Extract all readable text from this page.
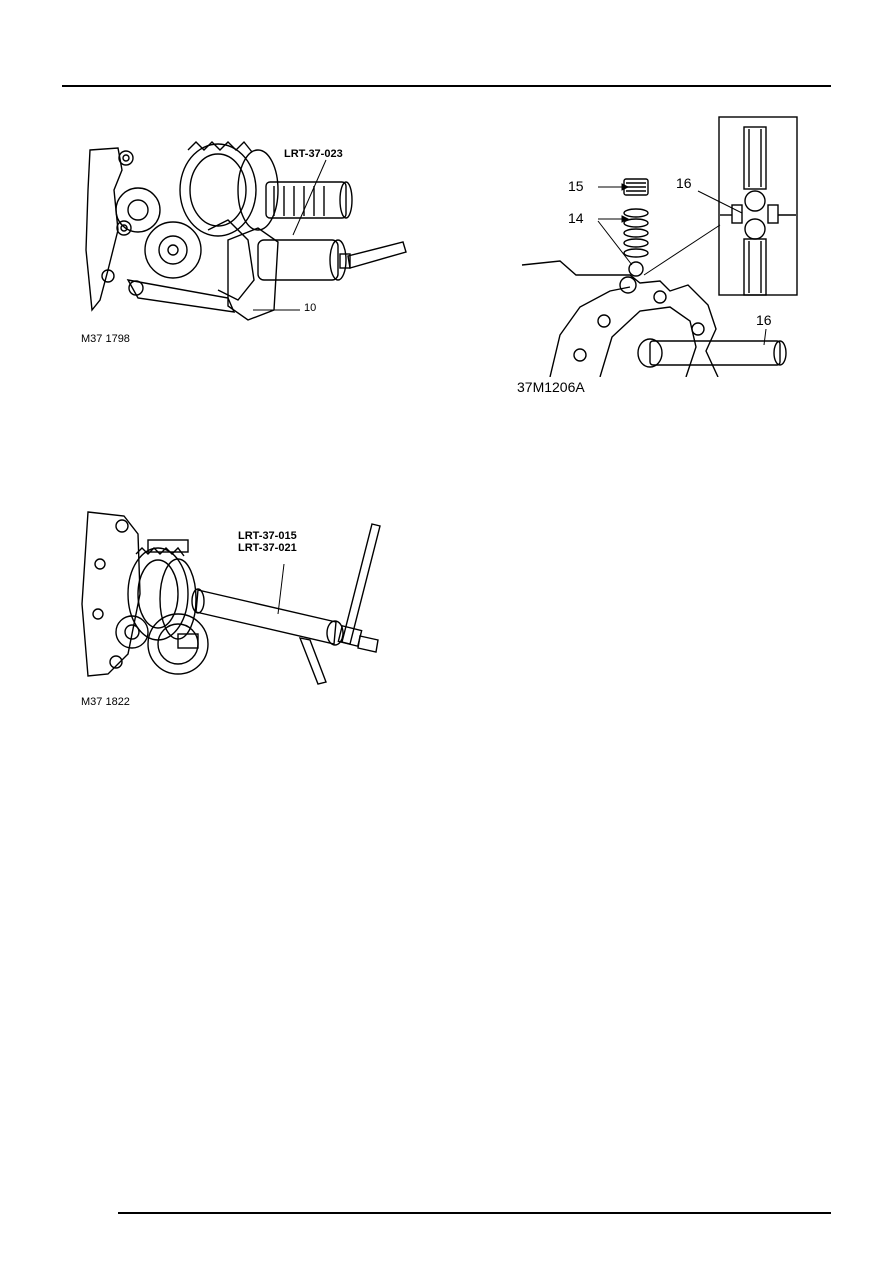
LRT-37-023
10
M37 1798
15
14
16
16
37M1206A
LRT-37-015
LRT-37-021
M37 1822
